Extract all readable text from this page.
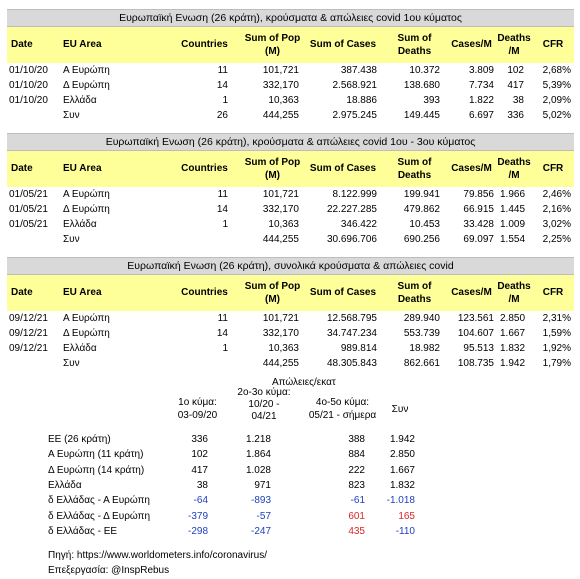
Ευρωπαϊκή Ενωση (26 κράτη), κρούσματα & απώλειες covid 1ου κύματος
Date	EU Area	Countries
Sum of Pop
(M)
Sum of Cases
Sum of
Deaths
Cases/M
Deaths
/M
CFR
01/10/20	Α Ευρώπη	11	101,721	387.438	10.372	3.809	102	2,68%
01/10/20	Δ Ευρώπη	14	332,170	2.568.921	138.680	7.734	417	5,39%
01/10/20	Ελλάδα	1	10,363	18.886	393	1.822	38	2,09%
Συν	26	444,255	2.975.245	149.445	6.697	336	5,02%
Ευρωπαϊκή Ενωση (26 κράτη), κρούσματα & απώλειες covid 1ου - 3ου κύματος
Date	EU Area	Countries
Sum of Pop
(M)
Sum of Cases
Sum of
Deaths
Cases/M
Deaths
/M
CFR
01/05/21	Α Ευρώπη	11	101,721	8.122.999	199.941	79.856 1.966	2,46%
01/05/21	Δ Ευρώπη	14	332,170	22.227.285	479.862	66.915 1.445	2,16%
01/05/21	Ελλάδα	1	10,363	346.422	10.453	33.428 1.009	3,02%
Συν	444,255	30.696.706	690.256	69.097 1.554	2,25%
Ευρωπαϊκή Ενωση (26 κράτη), συνολικά κρούσματα & απώλειες covid
Date	EU Area	Countries
Sum of Pop
(M)
Sum of Cases
Sum of
Deaths
Cases/M
Deaths
/M
CFR
09/12/21	Α Ευρώπη	11	101,721	12.568.795	289.940	123.561 2.850	2,31%
09/12/21	Δ Ευρώπη	14	332,170	34.747.234	553.739	104.607 1.667	1,59%
09/12/21	Ελλάδα	1	10,363	989.814	18.982	95.513 1.832	1,92%
Συν	444,255	48.305.843	862.661	108.735 1.942	1,79%
Απώλειες/εκατ
1ο κύμα:
03-09/20
2ο-3ο κύμα:
10/20 -
04/21
4ο-5ο κύμα:
05/21 - σήμερα
Συν
ΕΕ (26 κράτη)	336	1.218	388	1.942
Α Ευρώπη (11 κράτη)	102	1.864	884	2.850
Δ Ευρώπη (14 κράτη)	417	1.028	222	1.667
Ελλάδα	38	971	823	1.832
δ Ελλάδας - Α Ευρώπη	-64	-893	-61	-1.018
δ Ελλάδας - Δ Ευρώπη	-379	-57	601	165
δ Ελλάδας - ΕΕ	-298	-247	435	-110
Πηγή: https://www.worldometers.info/coronavirus/
Επεξεργασία: @InspRebus
